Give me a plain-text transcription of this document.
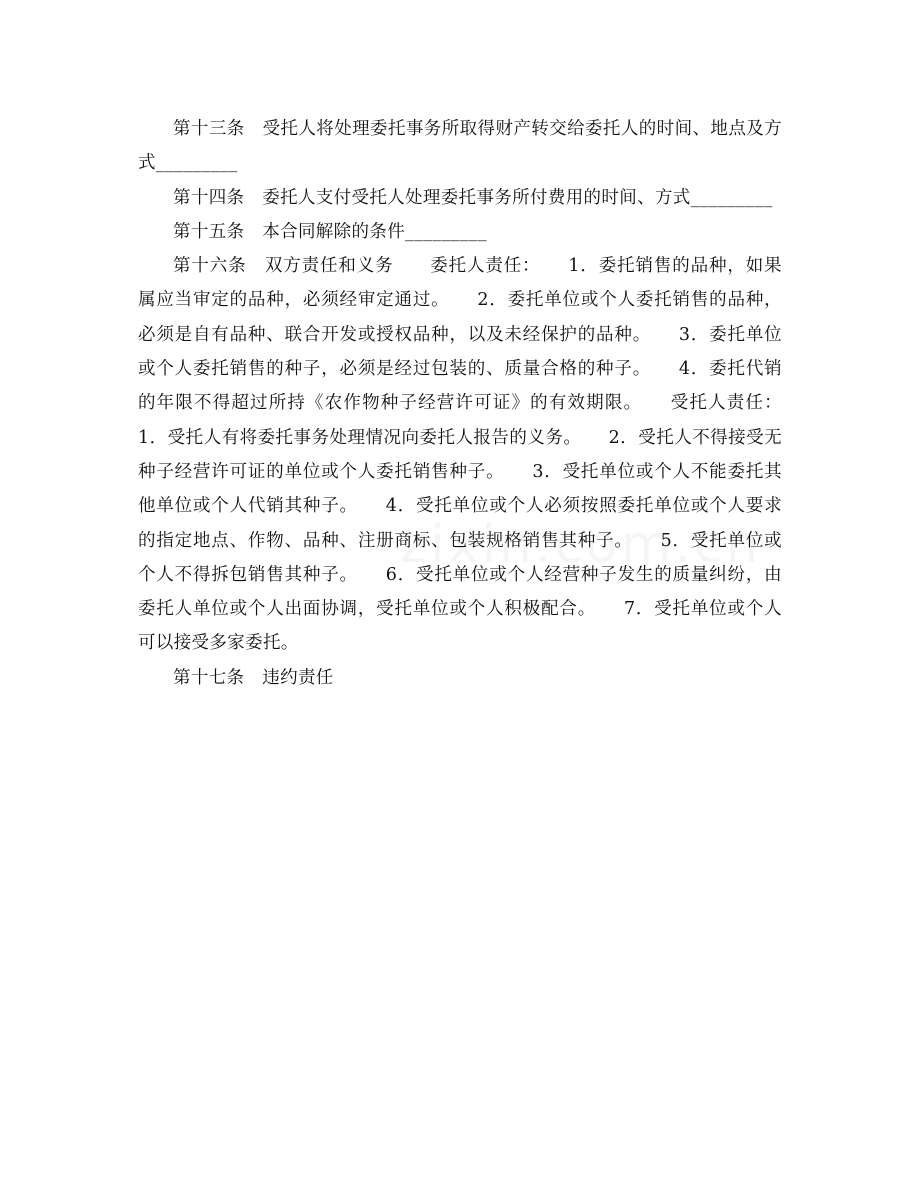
第十三条　受托人将处理委托事务所取得财产转交给委托人的时间、地点及方式_________

第十四条　委托人支付受托人处理委托事务所付费用的时间、方式_________

第十五条　本合同解除的条件_________

第十六条　双方责任和义务　　委托人责任：　　1．委托销售的品种，如果属应当审定的品种，必须经审定通过。　　2．委托单位或个人委托销售的品种，必须是自有品种、联合开发或授权品种，以及未经保护的品种。　　3．委托单位或个人委托销售的种子，必须是经过包装的、质量合格的种子。　　4．委托代销的年限不得超过所持《农作物种子经营许可证》的有效期限。　　受托人责任：1．受托人有将委托事务处理情况向委托人报告的义务。　　2．受托人不得接受无种子经营许可证的单位或个人委托销售种子。　　3．受托单位或个人不能委托其他单位或个人代销其种子。　　4．受托单位或个人必须按照委托单位或个人要求的指定地点、作物、品种、注册商标、包装规格销售其种子。　　5．受托单位或个人不得拆包销售其种子。　　6．受托单位或个人经营种子发生的质量纠纷，由委托人单位或个人出面协调，受托单位或个人积极配合。　　7．受托单位或个人可以接受多家委托。

第十七条　违约责任
